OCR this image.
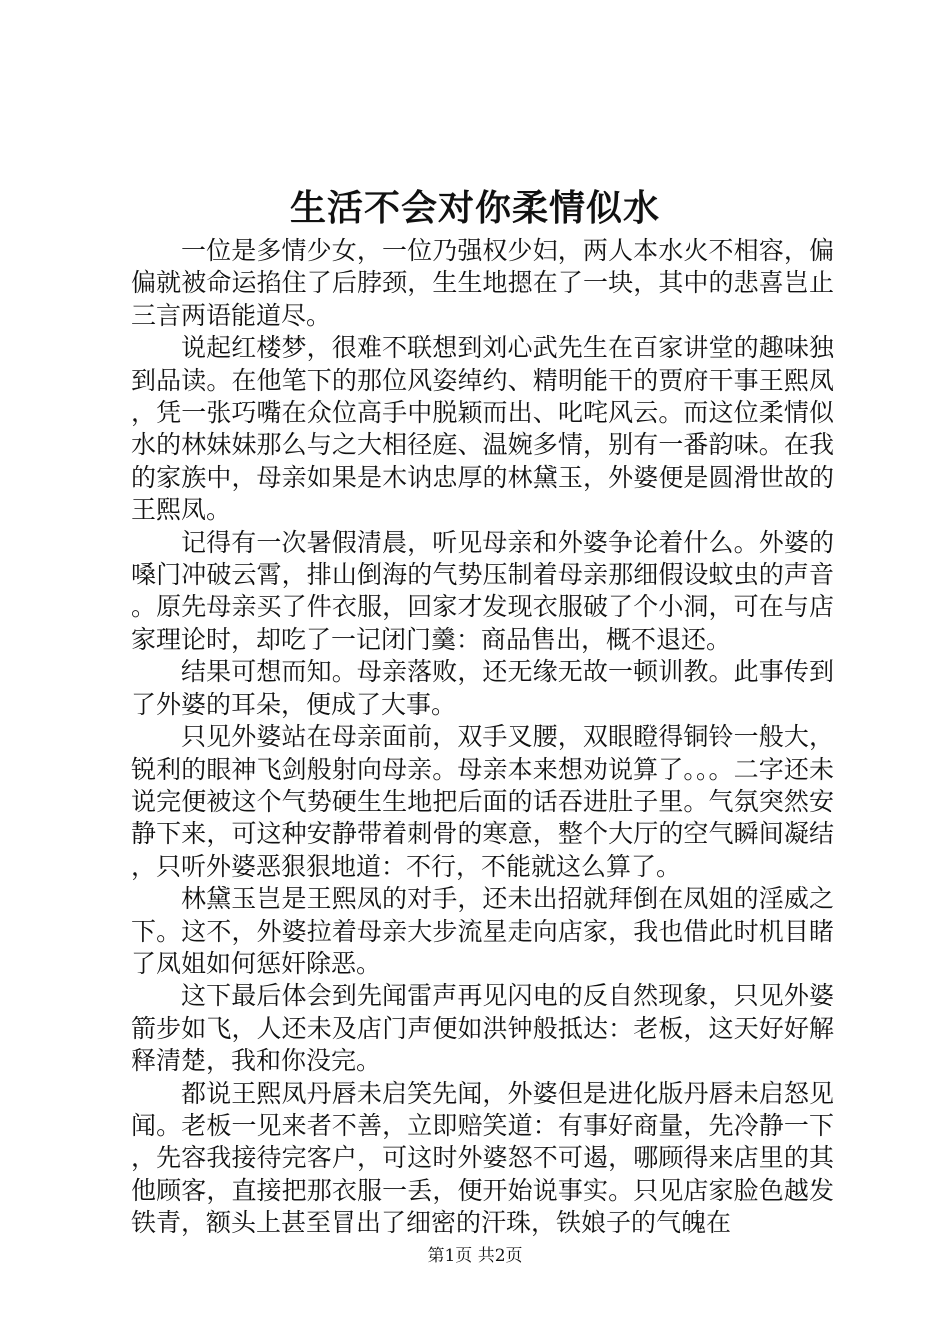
生活不会对你柔情似水

一位是多情少女，一位乃强权少妇，两人本水火不相容，偏偏就被命运掐住了后脖颈，生生地摁在了一块，其中的悲喜岂止三言两语能道尽。

说起红楼梦，很难不联想到刘心武先生在百家讲堂的趣味独到品读。在他笔下的那位风姿绰约、精明能干的贾府干事王熙凤，凭一张巧嘴在众位高手中脱颖而出、叱咤风云。而这位柔情似水的林妹妹那么与之大相径庭、温婉多情，别有一番韵味。在我的家族中，母亲如果是木讷忠厚的林黛玉，外婆便是圆滑世故的王熙凤。

记得有一次暑假清晨，听见母亲和外婆争论着什么。外婆的嗓门冲破云霄，排山倒海的气势压制着母亲那细假设蚊虫的声音。原先母亲买了件衣服，回家才发现衣服破了个小洞，可在与店家理论时，却吃了一记闭门羹：商品售出，概不退还。

结果可想而知。母亲落败，还无缘无故一顿训教。此事传到了外婆的耳朵，便成了大事。

只见外婆站在母亲面前，双手叉腰，双眼瞪得铜铃一般大，锐利的眼神飞剑般射向母亲。母亲本来想劝说算了。。。二字还未说完便被这个气势硬生生地把后面的话吞进肚子里。气氛突然安静下来，可这种安静带着刺骨的寒意，整个大厅的空气瞬间凝结，只听外婆恶狠狠地道：不行，不能就这么算了。

林黛玉岂是王熙凤的对手，还未出招就拜倒在凤姐的淫威之下。这不，外婆拉着母亲大步流星走向店家，我也借此时机目睹了凤姐如何惩奸除恶。

这下最后体会到先闻雷声再见闪电的反自然现象，只见外婆箭步如飞，人还未及店门声便如洪钟般抵达：老板，这天好好解释清楚，我和你没完。

都说王熙凤丹唇未启笑先闻，外婆但是进化版丹唇未启怒见闻。老板一见来者不善，立即赔笑道：有事好商量，先冷静一下，先容我接待完客户，可这时外婆怒不可遏，哪顾得来店里的其他顾客，直接把那衣服一丢，便开始说事实。只见店家脸色越发铁青，额头上甚至冒出了细密的汗珠，铁娘子的气魄在

第1页 共2页
